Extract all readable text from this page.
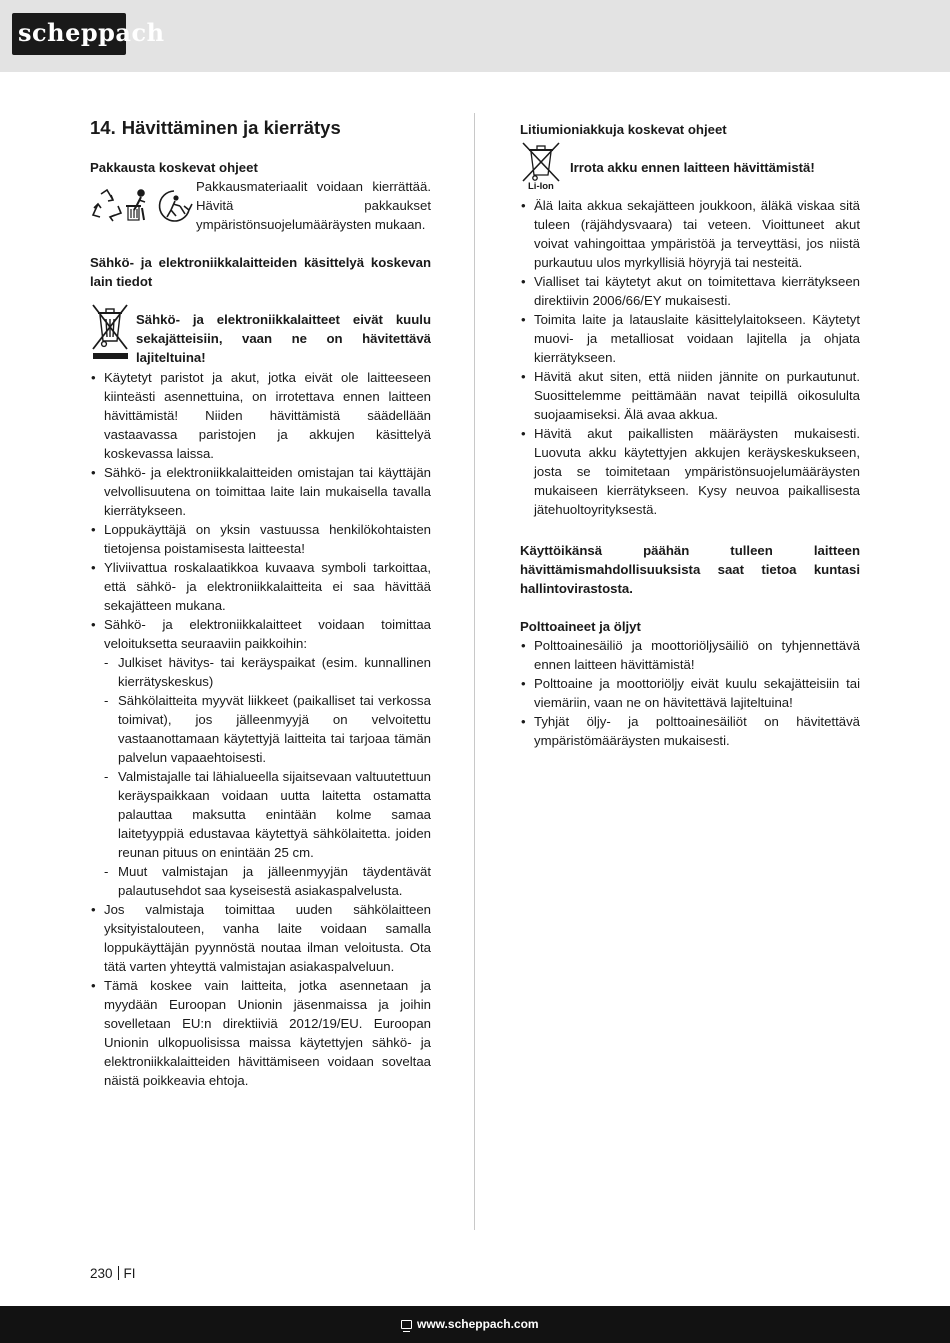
scheppach
14. Hävittäminen ja kierrätys
Pakkausta koskevat ohjeet
Pakkausmateriaalit voidaan kierrättää. Hävitä pakkaukset ympäristönsuojelumääräysten mukaan.
Sähkö- ja elektroniikkalaitteiden käsittelyä koskevan lain tiedot
Sähkö- ja elektroniikkalaitteet eivät kuulu sekajätteisiin, vaan ne on hävitettävä lajiteltuina!
• Käytetyt paristot ja akut, jotka eivät ole laitteeseen kiinteästi asennettuina, on irrotettava ennen laitteen hävittämistä! Niiden hävittämistä säädellään vastaavassa paristojen ja akkujen käsittelyä koskevassa laissa.
• Sähkö- ja elektroniikkalaitteiden omistajan tai käyttäjän velvollisuutena on toimittaa laite lain mukaisella tavalla kierrätykseen.
• Loppukäyttäjä on yksin vastuussa henkilökohtaisten tietojensa poistamisesta laitteesta!
• Yliviivattua roskalaatikkoa kuvaava symboli tarkoittaa, että sähkö- ja elektroniikkalaitteita ei saa hävittää sekajätteen mukana.
• Sähkö- ja elektroniikkalaitteet voidaan toimittaa veloituksetta seuraaviin paikkoihin:
- Julkiset hävitys- tai keräyspaikat (esim. kunnallinen kierrätyskeskus)
- Sähkölaitteita myyvät liikkeet (paikalliset tai verkossa toimivat), jos jälleenmyyjä on velvoitettu vastaanottamaan käytettyjä laitteita tai tarjoaa tämän palvelun vapaaehtoisesti.
- Valmistajalle tai lähialueella sijaitsevaan valtuutettuun keräyspaikkaan voidaan uutta laitetta ostamatta palauttaa maksutta enintään kolme samaa laitetyyppiä edustavaa käytettyä sähkölaitetta. joiden reunan pituus on enintään 25 cm.
- Muut valmistajan ja jälleenmyyjän täydentävät palautusehdot saa kyseisestä asiakaspalvelusta.
• Jos valmistaja toimittaa uuden sähkölaitteen yksityistalouteen, vanha laite voidaan samalla loppukäyttäjän pyynnöstä noutaa ilman veloitusta. Ota tätä varten yhteyttä valmistajan asiakaspalveluun.
• Tämä koskee vain laitteita, jotka asennetaan ja myydään Euroopan Unionin jäsenmaissa ja joihin sovelletaan EU:n direktiiviä 2012/19/EU. Euroopan Unionin ulkopuolisissa maissa käytettyjen sähkö- ja elektroniikkalaitteiden hävittämiseen voidaan soveltaa näistä poikkeavia ehtoja.
Litiumioniakkuja koskevat ohjeet
Li-Ion
Irrota akku ennen laitteen hävittämistä!
• Älä laita akkua sekajätteen joukkoon, äläkä viskaa sitä tuleen (räjähdysvaara) tai veteen. Vioittuneet akut voivat vahingoittaa ympäristöä ja terveyttäsi, jos niistä purkautuu ulos myrkyllisiä höyryjä tai nesteitä.
• Vialliset tai käytetyt akut on toimitettava kierrätykseen direktiivin 2006/66/EY mukaisesti.
• Toimita laite ja latauslaite käsittelylaitokseen. Käytetyt muovi- ja metalliosat voidaan lajitella ja ohjata kierrätykseen.
• Hävitä akut siten, että niiden jännite on purkautunut. Suosittelemme peittämään navat teipillä oikosululta suojaamiseksi. Älä avaa akkua.
• Hävitä akut paikallisten määräysten mukaisesti. Luovuta akku käytettyjen akkujen keräyskeskukseen, josta se toimitetaan ympäristönsuojelumääräysten mukaiseen kierrätykseen. Kysy neuvoa paikallisesta jätehuoltoyrityksestä.
Käyttöikänsä päähän tulleen laitteen hävittämismahdollisuuksista saat tietoa kuntasi hallintovirastosta.
Polttoaineet ja öljyt
• Polttoainesäiliö ja moottoriöljysäiliö on tyhjennettävä ennen laitteen hävittämistä!
• Polttoaine ja moottoriöljy eivät kuulu sekajätteisiin tai viemäriin, vaan ne on hävitettävä lajiteltuina!
• Tyhjät öljy- ja polttoainesäiliöt on hävitettävä ympäristömääräysten mukaisesti.
230 FI
www.scheppach.com
